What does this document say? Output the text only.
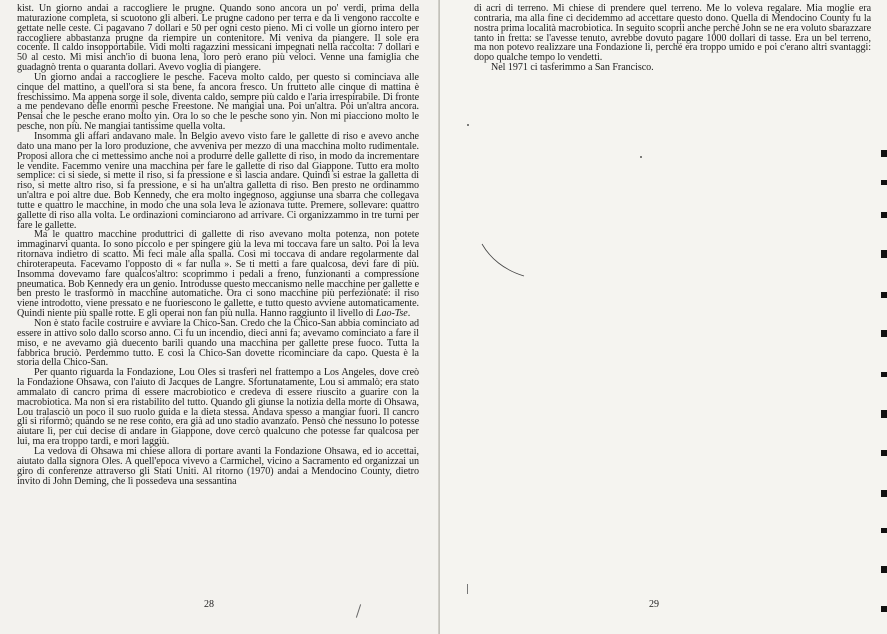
kist. Un giorno andai a raccogliere le prugne. Quando sono ancora un po' verdi, prima della maturazione completa, si scuotono gli alberi. Le prugne cadono per terra e da lì vengono raccolte e gettate nelle ceste. Ci pagavano 7 dollari e 50 per ogni cesto pieno. Mi ci volle un giorno intero per raccogliere abbastanza prugne da riempire un contenitore. Mi veniva da piangere. Il sole era cocente. Il caldo insopportabile. Vidi molti ragazzini messicani impegnati nella raccolta: 7 dollari e 50 al cesto. Mi misi anch'io di buona lena, loro però erano più veloci. Venne una famiglia che guadagnò trenta o quaranta dollari. Avevo voglia di piangere.

Un giorno andai a raccogliere le pesche. Faceva molto caldo, per questo si cominciava alle cinque del mattino, a quell'ora si sta bene, fa ancora fresco. Un frutteto alle cinque di mattina è freschissimo. Ma appena sorge il sole, diventa caldo, sempre più caldo e l'aria irrespirabile. Di fronte a me pendevano delle enormi pesche Freestone. Ne mangiai una. Poi un'altra. Poi un'altra ancora. Pensai che le pesche erano molto yin. Ora lo so che le pesche sono yin. Non mi piacciono molto le pesche, non più. Ne mangiai tantissime quella volta.

Insomma gli affari andavano male. In Belgio avevo visto fare le gallette di riso e avevo anche dato una mano per la loro produzione, che avveniva per mezzo di una macchina molto rudimentale. Proposi allora che ci mettessimo anche noi a produrre delle gallette di riso, in modo da incrementare le vendite. Facemmo venire una macchina per fare le gallette di riso dal Giappone. Tutto era molto semplice: ci si siede, si mette il riso, si fa pressione e si lascia andare. Quindi si estrae la galletta di riso, si mette altro riso, si fa pressione, e si ha un'altra galletta di riso. Ben presto ne ordinammo un'altra e poi altre due. Bob Kennedy, che era molto ingegnoso, aggiunse una sbarra che collegava tutte e quattro le macchine, in modo che una sola leva le azionava tutte. Premere, sollevare: quattro gallette di riso alla volta. Le ordinazioni cominciarono ad arrivare. Ci organizzammo in tre turni per fare le gallette.

Ma le quattro macchine produttrici di gallette di riso avevano molta potenza, non potete immaginarvi quanta. Io sono piccolo e per spingere giù la leva mi toccava fare un salto. Poi la leva ritornava indietro di scatto. Mi feci male alla spalla. Così mi toccava di andare regolarmente dal chiroterapeuta. Facevamo l'opposto di « far nulla ». Se ti metti a fare qualcosa, devi fare di più. Insomma dovevamo fare qualcos'altro: scoprimmo i pedali a freno, funzionanti a compressione pneumatica. Bob Kennedy era un genio. Introdusse questo meccanismo nelle macchine per gallette e ben presto le trasformò in macchine automatiche. Ora ci sono macchine più perfezionate: il riso viene introdotto, viene pressato e ne fuoriescono le gallette, e tutto questo avviene automaticamente. Quindi niente più spalle rotte. E gli operai non fan più nulla. Hanno raggiunto il livello di Lao-Tse.

Non è stato facile costruire e avviare la Chico-San. Credo che la Chico-San abbia cominciato ad essere in attivo solo dallo scorso anno. Ci fu un incendio, dieci anni fa; avevamo cominciato a fare il miso, e ne avevamo già duecento barili quando una macchina per gallette prese fuoco. Tutta la fabbrica bruciò. Perdemmo tutto. E così la Chico-San dovette ricominciare da capo. Questa è la storia della Chico-San.

Per quanto riguarda la Fondazione, Lou Oles si trasferì nel frattempo a Los Angeles, dove creò la Fondazione Ohsawa, con l'aiuto di Jacques de Langre. Sfortunatamente, Lou si ammalò; era stato ammalato di cancro prima di essere macrobiotico e credeva di essere riuscito a guarire con la macrobiotica. Ma non si era ristabilito del tutto. Quando gli giunse la notizia della morte di Ohsawa, Lou tralasciò un poco il suo ruolo guida e la dieta stessa. Andava spesso a mangiar fuori. Il cancro gli si riformò; quando se ne rese conto, era già ad uno stadio avanzato. Pensò che nessuno lo potesse aiutare lì, per cui decise di andare in Giappone, dove cercò qualcuno che potesse far qualcosa per lui, ma era troppo tardi, e morì laggiù.

La vedova di Ohsawa mi chiese allora di portare avanti la Fondazione Ohsawa, ed io accettai, aiutato dalla signora Oles. A quell'epoca vivevo a Carmichel, vicino a Sacramento ed organizzai un giro di conferenze attraverso gli Stati Uniti. Al ritorno (1970) andai a Mendocino County, dietro invito di John Deming, che lì possedeva una sessantina

28

di acri di terreno. Mi chiese di prendere quel terreno. Me lo voleva regalare. Mia moglie era contraria, ma alla fine ci decidemmo ad accettare questo dono. Quella di Mendocino County fu la nostra prima località macrobiotica. In seguito scoprii anche perché John se ne era voluto sbarazzare tanto in fretta: se l'avesse tenuto, avrebbe dovuto pagare 1000 dollari di tasse. Era un bel terreno, ma non potevo realizzare una Fondazione lì, perché era troppo umido e poi c'erano altri svantaggi: dopo qualche tempo lo vendetti.

Nel 1971 ci tasferimmo a San Francisco.

29
